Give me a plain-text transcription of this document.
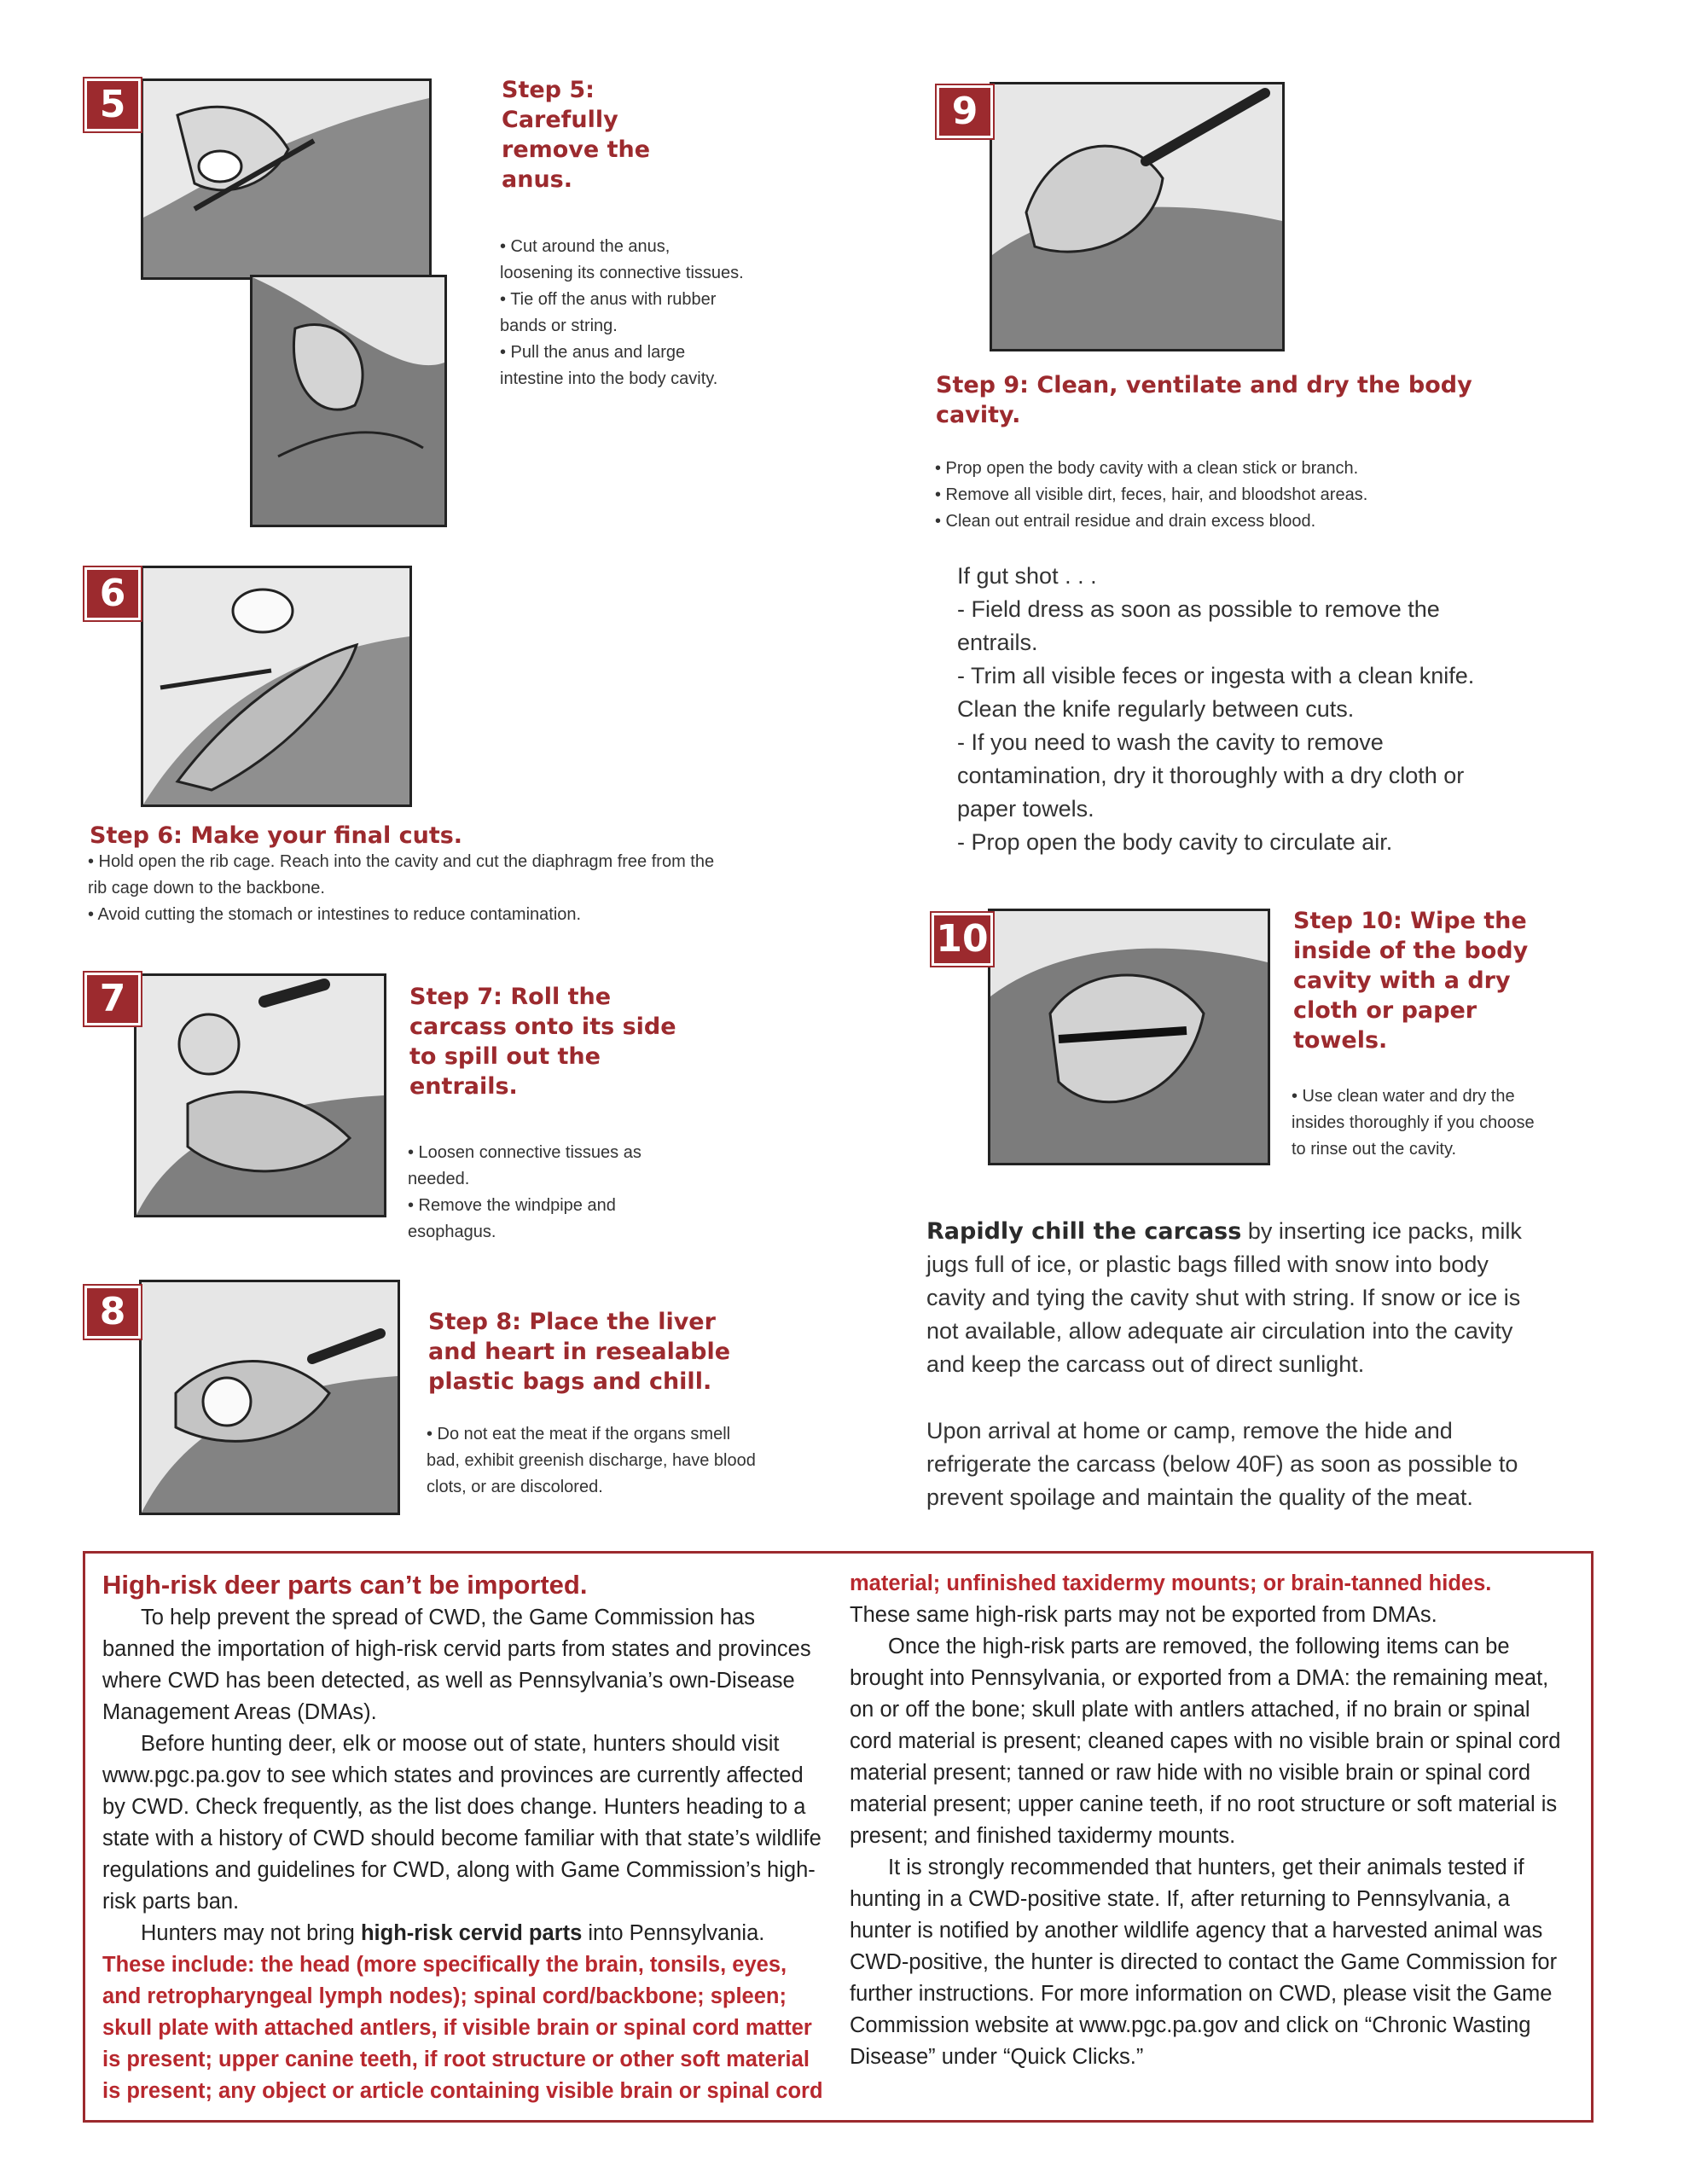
5	Step 5: Carefully remove the anus.

• Cut around the anus, loosening its connective tissues.

• Tie off the anus with rubber bands or string.

• Pull the anus and large intestine into the body cavity.

6
Step 6: Make your final cuts.

• Hold open the rib cage. Reach into the cavity and cut the diaphragm free from the rib cage down to the backbone.

• Avoid cutting the stomach or intestines to reduce contamination.

7	Step 7: Roll the carcass onto its side to spill out the entrails.

• Loosen connective tissues as needed.

• Remove the windpipe and esophagus.

8	Step 8: Place the liver and heart in resealable plastic bags and chill.

• Do not eat the meat if the organs smell bad, exhibit greenish discharge, have blood clots, or are discolored.

9
Step 9: Clean, ventilate and dry the body cavity.

• Prop open the body cavity with a clean stick or branch.

• Remove all visible dirt, feces, hair, and bloodshot areas.

• Clean out entrail residue and drain excess blood.

If gut shot . . .

- Field dress as soon as possible to remove the entrails.

- Trim all visible feces or ingesta with a clean knife. Clean the knife regularly between cuts.

- If you need to wash the cavity to remove contamination, dry it thoroughly with a dry cloth or paper towels.

- Prop open the body cavity to circulate air.

10	Step 10: Wipe the inside of the body cavity with a dry cloth or paper towels.

• Use clean water and dry the insides thoroughly if you choose to rinse out the cavity.

Rapidly chill the carcass by inserting ice packs, milk jugs full of ice, or plastic bags filled with snow into body cavity and tying the cavity shut with string. If snow or ice is not available, allow adequate air circulation into the cavity and keep the carcass out of direct sunlight.

Upon arrival at home or camp, remove the hide and refrigerate the carcass (below 40F) as soon as possible to prevent spoilage and maintain the quality of the meat.

High-risk deer parts can’t be imported.

To help prevent the spread of CWD, the Game Commission has banned the importation of high-risk cervid parts from states and provinces where CWD has been detected, as well as Pennsylvania’s own-Disease Management Areas (DMAs).

Before hunting deer, elk or moose out of state, hunters should visit www.pgc.pa.gov to see which states and provinces are currently affected by CWD. Check frequently, as the list does change. Hunters heading to a state with a history of CWD should become familiar with that state’s wildlife regulations and guidelines for CWD, along with Game Commission’s high-risk parts ban.

Hunters may not bring high-risk cervid parts into Pennsylvania. These include: the head (more specifically the brain, tonsils, eyes, and retropharyngeal lymph nodes); spinal cord/backbone; spleen; skull plate with attached antlers, if visible brain or spinal cord matter is present; upper canine teeth, if root structure or other soft material is present; any object or article containing visible brain or spinal cord

material; unfinished taxidermy mounts; or brain-tanned hides.

These same high-risk parts may not be exported from DMAs.

Once the high-risk parts are removed, the following items can be brought into Pennsylvania, or exported from a DMA: the remaining meat, on or off the bone; skull plate with antlers attached, if no brain or spinal cord material is present; cleaned capes with no visible brain or spinal cord material present; tanned or raw hide with no visible brain or spinal cord material present; upper canine teeth, if no root structure or soft material is present; and finished taxidermy mounts.

It is strongly recommended that hunters, get their animals tested if hunting in a CWD-positive state. If, after returning to Pennsylvania, a hunter is notified by another wildlife agency that a harvested animal was CWD-positive, the hunter is directed to contact the Game Commission for further instructions. For more information on CWD, please visit the Game Commission website at www.pgc.pa.gov and click on “Chronic Wasting Disease” under “Quick Clicks.”
